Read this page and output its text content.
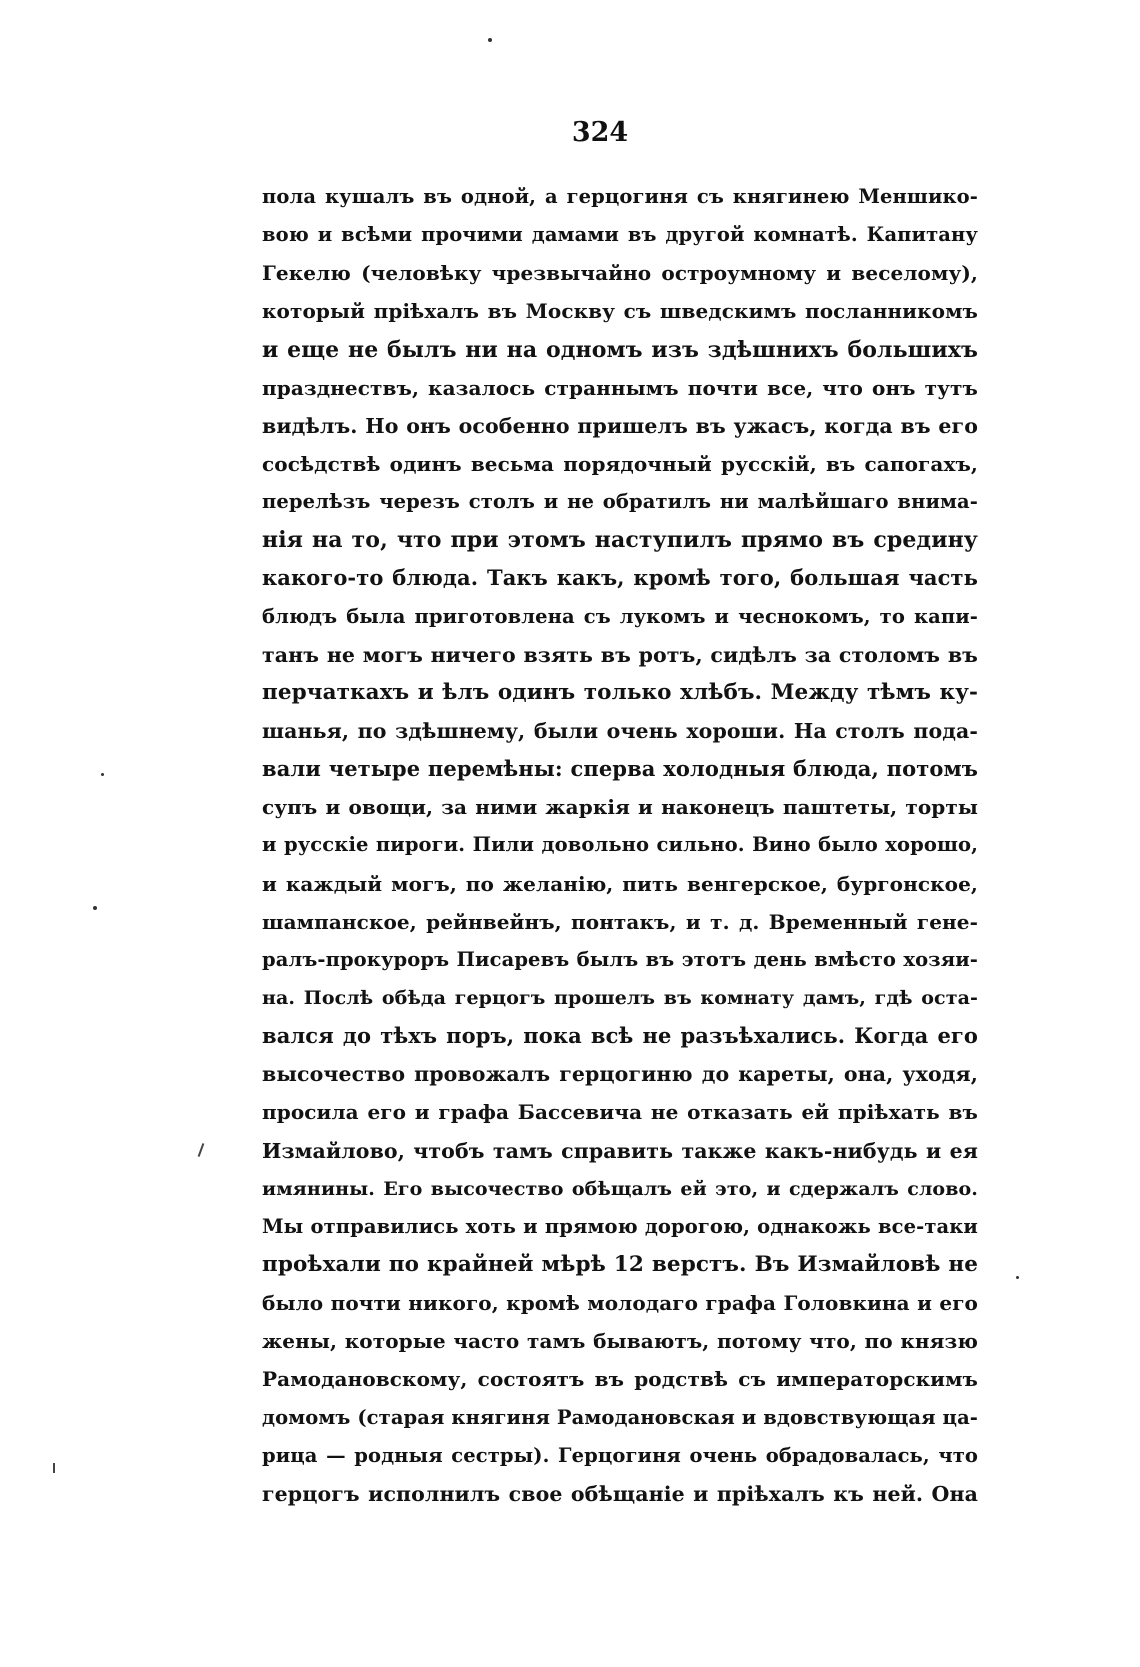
324
пола кушалъ въ одной, а герцогиня съ княгинею Меншико-
вою и всѣми прочими дамами въ другой комнатѣ. Капитану
Гекелю (человѣку чрезвычайно остроумному и веселому),
который пріѣхалъ въ Москву съ шведскимъ посланникомъ
и еще не былъ ни на одномъ изъ здѣшнихъ большихъ
празднествъ, казалось страннымъ почти все, что онъ тутъ
видѣлъ. Но онъ особенно пришелъ въ ужасъ, когда въ его
сосѣдствѣ одинъ весьма порядочный русскій, въ сапогахъ,
перелѣзъ черезъ столъ и не обратилъ ни малѣйшаго внима-
нія на то, что при этомъ наступилъ прямо въ средину
какого-то блюда. Такъ какъ, кромѣ того, большая часть
блюдъ была приготовлена съ лукомъ и чеснокомъ, то капи-
танъ не могъ ничего взять въ ротъ, сидѣлъ за столомъ въ
перчаткахъ и ѣлъ одинъ только хлѣбъ. Между тѣмъ ку-
шанья, по здѣшнему, были очень хороши. На столъ пода-
вали четыре перемѣны: сперва холодныя блюда, потомъ
супъ и овощи, за ними жаркія и наконецъ паштеты, торты
и русскіе пироги. Пили довольно сильно. Вино было хорошо,
и каждый могъ, по желанію, пить венгерское, бургонское,
шампанское, рейнвейнъ, понтакъ, и т. д. Временный гене-
ралъ-прокуроръ Писаревъ былъ въ этотъ день вмѣсто хозяи-
на. Послѣ обѣда герцогъ прошелъ въ комнату дамъ, гдѣ оста-
вался до тѣхъ поръ, пока всѣ не разъѣхались. Когда его
высочество провожалъ герцогиню до кареты, она, уходя,
просила его и графа Бассевича не отказать ей пріѣхать въ
Измайлово, чтобъ тамъ справить также какъ-нибудь и ея
имянины. Его высочество обѣщалъ ей это, и сдержалъ слово.
Мы отправились хоть и прямою дорогою, однакожь все-таки
проѣхали по крайней мѣрѣ 12 верстъ. Въ Измайловѣ не
было почти никого, кромѣ молодаго графа Головкина и его
жены, которые часто тамъ бываютъ, потому что, по князю
Рамодановскому, состоятъ въ родствѣ съ императорскимъ
домомъ (старая княгиня Рамодановская и вдовствующая ца-
рица — родныя сестры). Герцогиня очень обрадовалась, что
герцогъ исполнилъ свое обѣщаніе и пріѣхалъ къ ней. Она
